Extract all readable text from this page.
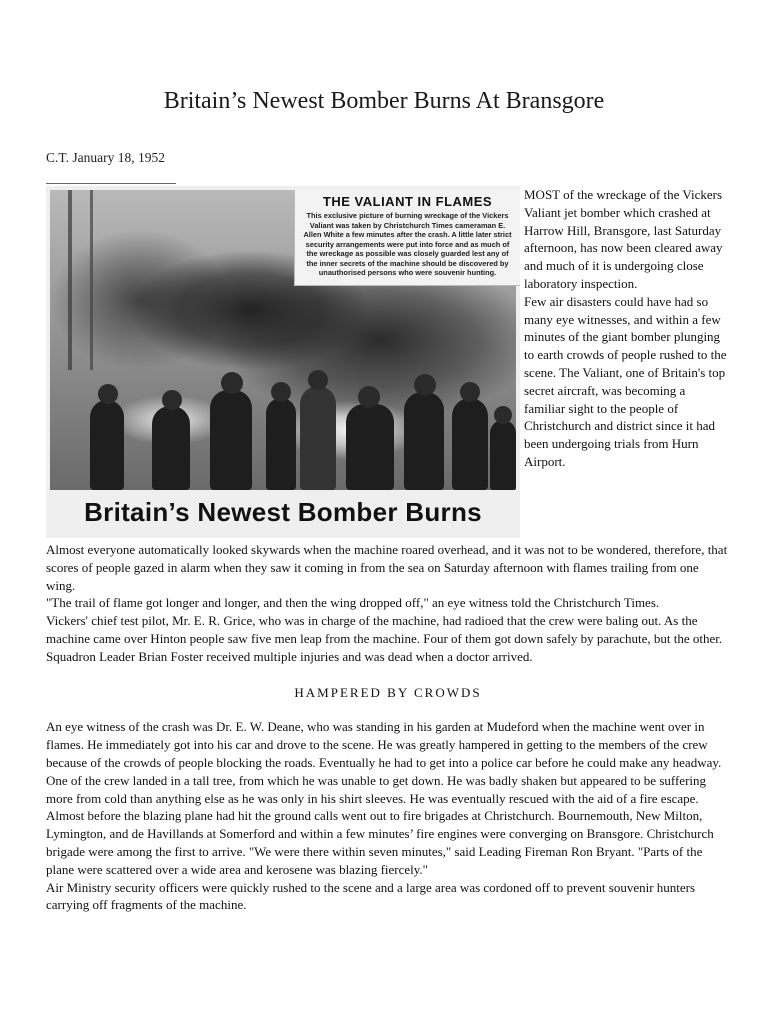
Britain’s Newest Bomber Burns At Bransgore
C.T. January 18, 1952
THE VALIANT IN FLAMES
This exclusive picture of burning wreckage of the Vickers Valiant was taken by Christchurch Times cameraman E. Allen White a few minutes after the crash. A little later strict security arrangements were put into force and as much of the wreckage as possible was closely guarded lest any of the inner secrets of the machine should be discovered by unauthorised persons who were souvenir hunting.
Britain’s Newest Bomber Burns

MOST of the wreckage of the Vickers Valiant jet bomber which crashed at Harrow Hill, Bransgore, last Saturday afternoon, has now been cleared away and much of it is undergoing close laboratory inspection.

Few air disasters could have had so many eye witnesses, and within a few minutes of the giant bomber plunging to earth crowds of people rushed to the scene. The Valiant, one of Britain's top secret aircraft, was becoming a familiar sight to the people of Christchurch and district since it had been undergoing trials from Hurn Airport.

Almost everyone automatically looked skywards when the machine roared overhead, and it was not to be wondered, therefore, that scores of people gazed in alarm when they saw it coming in from the sea on Saturday afternoon with flames trailing from one wing.

"The trail of flame got longer and longer, and then the wing dropped off," an eye witness told the Christchurch Times.

Vickers' chief test pilot, Mr. E. R. Grice, who was in charge of the machine, had radioed that the crew were baling out. As the machine came over Hinton people saw five men leap from the machine. Four of them got down safely by parachute, but the other. Squadron Leader Brian Foster received multiple injuries and was dead when a doctor arrived.

HAMPERED BY CROWDS

An eye witness of the crash was Dr. E. W. Deane, who was standing in his garden at Mudeford when the machine went over in flames. He immediately got into his car and drove to the scene. He was greatly hampered in getting to the members of the crew because of the crowds of people blocking the roads. Eventually he had to get into a police car before he could make any headway.

One of the crew landed in a tall tree, from which he was unable to get down. He was badly shaken but appeared to be suffering more from cold than anything else as he was only in his shirt sleeves. He was eventually rescued with the aid of a fire escape.

Almost before the blazing plane had hit the ground calls went out to fire brigades at Christchurch. Bournemouth, New Milton, Lymington, and de Havillands at Somerford and within a few minutes’ fire engines were converging on Bransgore. Christchurch brigade were among the first to arrive. "We were there within seven minutes," said Leading Fireman Ron Bryant. "Parts of the plane were scattered over a wide area and kerosene was blazing fiercely."

Air Ministry security officers were quickly rushed to the scene and a large area was cordoned off to prevent souvenir hunters carrying off fragments of the machine.
